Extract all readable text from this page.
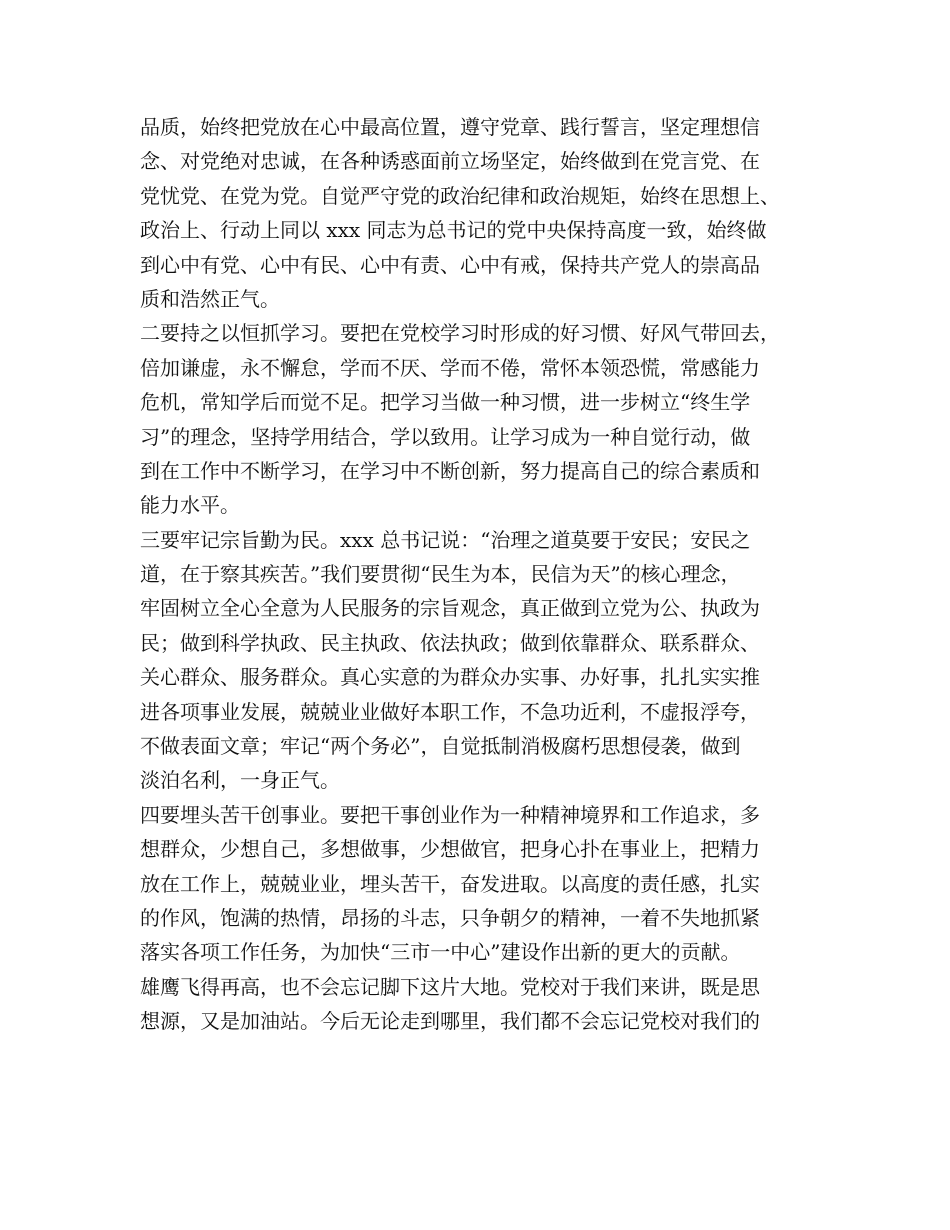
品质，始终把党放在心中最高位置，遵守党章、践行誓言，坚定理想信
念、对党绝对忠诚，在各种诱惑面前立场坚定，始终做到在党言党、在
党忧党、在党为党。自觉严守党的政治纪律和政治规矩，始终在思想上、
政治上、行动上同以 xxx 同志为总书记的党中央保持高度一致，始终做
到心中有党、心中有民、心中有责、心中有戒，保持共产党人的崇高品
质和浩然正气。
二要持之以恒抓学习。要把在党校学习时形成的好习惯、好风气带回去，
倍加谦虚，永不懈怠，学而不厌、学而不倦，常怀本领恐慌，常感能力
危机，常知学后而觉不足。把学习当做一种习惯，进一步树立“终生学
习”的理念，坚持学用结合，学以致用。让学习成为一种自觉行动，做
到在工作中不断学习，在学习中不断创新，努力提高自己的综合素质和
能力水平。
三要牢记宗旨勤为民。xxx 总书记说：“治理之道莫要于安民；安民之
道，在于察其疾苦。”我们要贯彻“民生为本，民信为天”的核心理念，
牢固树立全心全意为人民服务的宗旨观念，真正做到立党为公、执政为
民；做到科学执政、民主执政、依法执政；做到依靠群众、联系群众、
关心群众、服务群众。真心实意的为群众办实事、办好事，扎扎实实推
进各项事业发展，兢兢业业做好本职工作，不急功近利，不虚报浮夸，
不做表面文章；牢记“两个务必”，自觉抵制消极腐朽思想侵袭，做到
淡泊名利，一身正气。
四要埋头苦干创事业。要把干事创业作为一种精神境界和工作追求，多
想群众，少想自己，多想做事，少想做官，把身心扑在事业上，把精力
放在工作上，兢兢业业，埋头苦干，奋发进取。以高度的责任感，扎实
的作风，饱满的热情，昂扬的斗志，只争朝夕的精神，一着不失地抓紧
落实各项工作任务，为加快“三市一中心”建设作出新的更大的贡献。
雄鹰飞得再高，也不会忘记脚下这片大地。党校对于我们来讲，既是思
想源，又是加油站。今后无论走到哪里，我们都不会忘记党校对我们的
